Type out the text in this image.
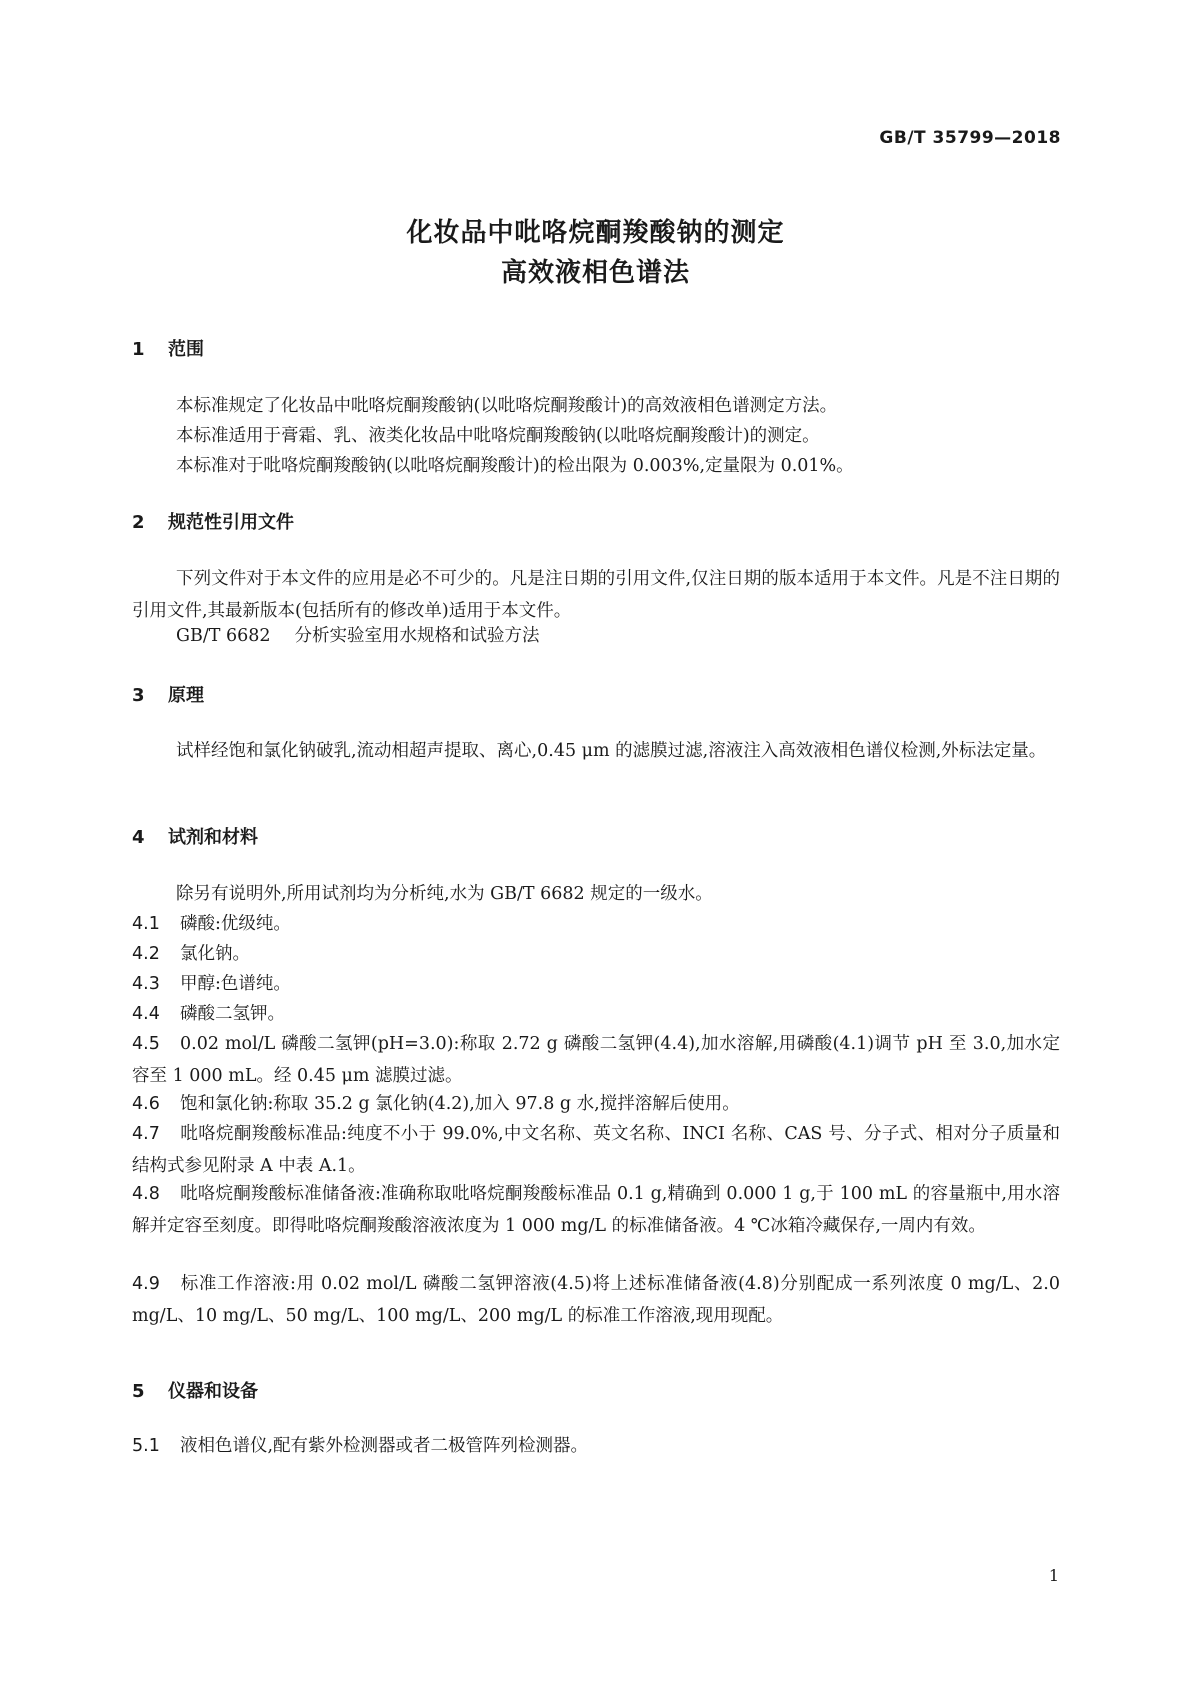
GB/T 35799—2018
化妆品中吡咯烷酮羧酸钠的测定
高效液相色谱法
1 范围
本标准规定了化妆品中吡咯烷酮羧酸钠(以吡咯烷酮羧酸计)的高效液相色谱测定方法。
本标准适用于膏霜、乳、液类化妆品中吡咯烷酮羧酸钠(以吡咯烷酮羧酸计)的测定。
本标准对于吡咯烷酮羧酸钠(以吡咯烷酮羧酸计)的检出限为 0.003%,定量限为 0.01%。
2 规范性引用文件
下列文件对于本文件的应用是必不可少的。凡是注日期的引用文件,仅注日期的版本适用于本文件。凡是不注日期的引用文件,其最新版本(包括所有的修改单)适用于本文件。
GB/T 6682 分析实验室用水规格和试验方法
3 原理
试样经饱和氯化钠破乳,流动相超声提取、离心,0.45 μm 的滤膜过滤,溶液注入高效液相色谱仪检测,外标法定量。
4 试剂和材料
除另有说明外,所用试剂均为分析纯,水为 GB/T 6682 规定的一级水。
4.1 磷酸:优级纯。
4.2 氯化钠。
4.3 甲醇:色谱纯。
4.4 磷酸二氢钾。
4.5 0.02 mol/L 磷酸二氢钾(pH=3.0):称取 2.72 g 磷酸二氢钾(4.4),加水溶解,用磷酸(4.1)调节 pH 至 3.0,加水定容至 1 000 mL。经 0.45 μm 滤膜过滤。
4.6 饱和氯化钠:称取 35.2 g 氯化钠(4.2),加入 97.8 g 水,搅拌溶解后使用。
4.7 吡咯烷酮羧酸标准品:纯度不小于 99.0%,中文名称、英文名称、INCI 名称、CAS 号、分子式、相对分子质量和结构式参见附录 A 中表 A.1。
4.8 吡咯烷酮羧酸标准储备液:准确称取吡咯烷酮羧酸标准品 0.1 g,精确到 0.000 1 g,于 100 mL 的容量瓶中,用水溶解并定容至刻度。即得吡咯烷酮羧酸溶液浓度为 1 000 mg/L 的标准储备液。4 ℃冰箱冷藏保存,一周内有效。
4.9 标准工作溶液:用 0.02 mol/L 磷酸二氢钾溶液(4.5)将上述标准储备液(4.8)分别配成一系列浓度 0 mg/L、2.0 mg/L、10 mg/L、50 mg/L、100 mg/L、200 mg/L 的标准工作溶液,现用现配。
5 仪器和设备
5.1 液相色谱仪,配有紫外检测器或者二极管阵列检测器。
1
